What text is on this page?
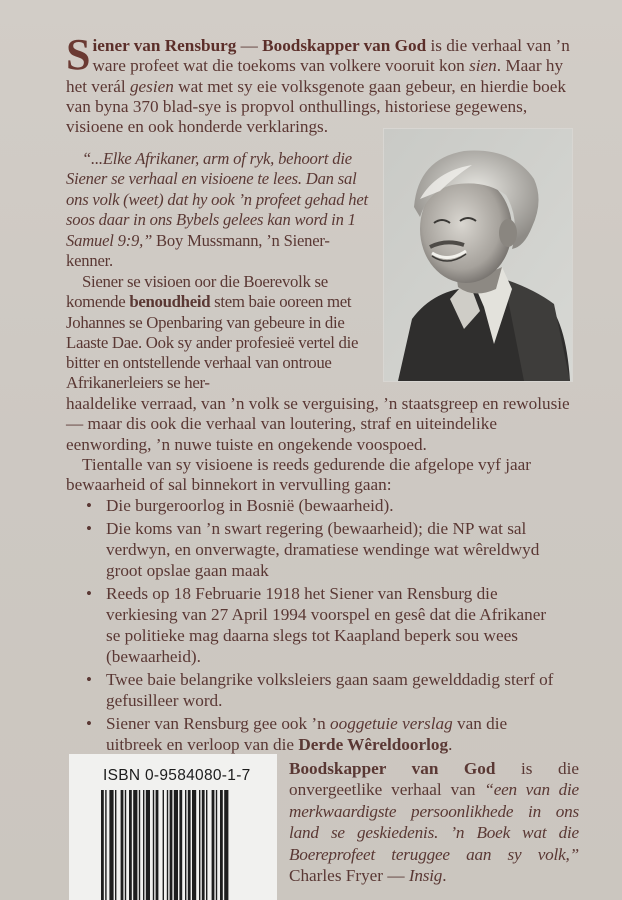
Siener van Rensburg — Boodskapper van God is die verhaal van ’n ware profeet wat die toekoms van volkere vooruit kon sien. Maar hy het verál gesien wat met sy eie volksgenote gaan gebeur, en hierdie boek van byna 370 blad-sye is propvol onthullings, historiese gegewens, visioene en ook honderde verklarings.

“...Elke Afrikaner, arm of ryk, behoort die Siener se verhaal en visioene te lees. Dan sal ons volk (weet) dat hy ook ’n profeet gehad het soos daar in ons Bybels gelees kan word in 1 Samuel 9:9,” Boy Mussmann, ’n Siener-kenner.

Siener se visioen oor die Boerevolk se komende benoudheid stem baie ooreen met Johannes se Openbaring van gebeure in die Laaste Dae. Ook sy ander profesieë vertel die bitter en ontstellende verhaal van ontroue Afrikanerleiers se her-

haaldelike verraad, van ’n volk se verguising, ’n staatsgreep en rewolusie — maar dis ook die verhaal van loutering, straf en uiteindelike eenwording, ’n nuwe tuiste en ongekende voospoed.

Tientalle van sy visioene is reeds gedurende die afgelope vyf jaar bewaarheid of sal binnekort in vervulling gaan:

• Die burgeroorlog in Bosnië (bewaarheid).
• Die koms van ’n swart regering (bewaarheid); die NP wat sal verdwyn, en onverwagte, dramatiese wendinge wat wêreldwyd groot opslae gaan maak
• Reeds op 18 Februarie 1918 het Siener van Rensburg die verkiesing van 27 April 1994 voorspel en gesê dat die Afrikaner se politieke mag daarna slegs tot Kaapland beperk sou wees (bewaarheid).
• Twee baie belangrike volksleiers gaan saam gewelddadig sterf of gefusilleer word.
• Siener van Rensburg gee ook ’n ooggetuie verslag van die uitbreek en verloop van die Derde Wêreldoorlog.
ISBN 0-9584080-1-7 Boodskapper van God is die onvergeetlike verhaal van “een van die merkwaardigste persoonlikhede in ons land se geskiedenis. ’n Boek wat die Boereprofeet teruggee aan sy volk,” Charles Fryer — Insig.
